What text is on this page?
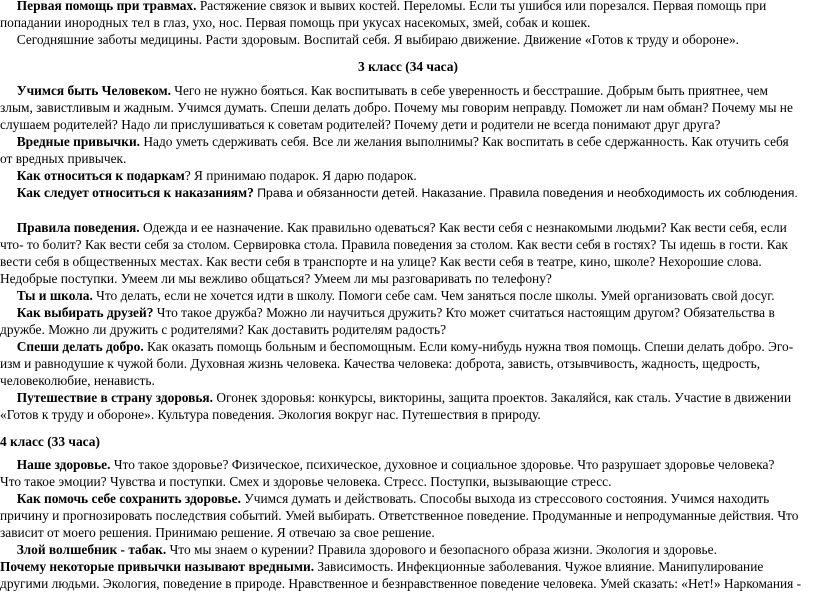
Первая помощь при травмах. Растяжение связок и вывих костей. Переломы. Если ты ушибся или порезался. Первая помощь при
попадании инородных тел в глаз, ухо, нос. Первая помощь при укусах насекомых, змей, собак и кошек.
Сегодняшние заботы медицины. Расти здоровым. Воспитай себя. Я выбираю движение. Движение «Готов к труду и обороне».
3 класс (34 часа)
Учимся быть Человеком. Чего не нужно бояться. Как воспитывать в себе уверенность и бесстрашие. Добрым быть приятнее, чем
злым, завистливым и жадным. Учимся думать. Спеши делать добро. Почему мы говорим неправду. Поможет ли нам обман? Почему мы не
слушаем родителей? Надо ли прислушиваться к советам родителей? Почему дети и родители не всегда понимают друг друга?
Вредные привычки. Надо уметь сдерживать себя. Все ли желания выполнимы? Как воспитать в себе сдержанность. Как отучить себя
от вредных привычек.
Как относиться к подаркам? Я принимаю подарок. Я дарю подарок.
Как следует относиться к наказаниям? Права и обязанности детей. Наказание. Правила поведения и необходимость их соблюдения.
Правила поведения. Одежда и ее назначение. Как правильно одеваться? Как вести себя с незнакомыми людьми? Как вести себя, если
что- то болит? Как вести себя за столом. Сервировка стола. Правила поведения за столом. Как вести себя в гостях? Ты идешь в гости. Как
вести себя в общественных местах. Как вести себя в транспорте и на улице? Как вести себя в театре, кино, школе? Нехорошие слова.
Недобрые поступки. Умеем ли мы вежливо общаться? Умеем ли мы разговаривать по телефону?
Ты и школа. Что делать, если не хочется идти в школу. Помоги себе сам. Чем заняться после школы. Умей организовать свой досуг.
Как выбирать друзей? Что такое дружба? Можно ли научиться дружить? Кто может считаться настоящим другом? Обязательства в
дружбе. Можно ли дружить с родителями? Как доставить родителям радость?
Спеши делать добро. Как оказать помощь больным и беспомощным. Если кому-нибудь нужна твоя помощь. Спеши делать добро. Эго-
изм и равнодушие к чужой боли. Духовная жизнь человека. Качества человека: доброта, зависть, отзывчивость, жадность, щедрость,
человеколюбие, ненависть.
Путешествие в страну здоровья. Огонек здоровья: конкурсы, викторины, защита проектов. Закаляйся, как сталь. Участие в движении
«Готов к труду и обороне». Культура поведения. Экология вокруг нас. Путешествия в природу.
4 класс (33 часа)
Наше здоровье. Что такое здоровье? Физическое, психическое, духовное и социальное здоровье. Что разрушает здоровье человека?
Что такое эмоции? Чувства и поступки. Смех и здоровье человека. Стресс. Поступки, вызывающие стресс.
Как помочь себе сохранить здоровье. Учимся думать и действовать. Способы выхода из стрессового состояния. Учимся находить
причину и прогнозировать последствия событий. Умей выбирать. Ответственное поведение. Продуманные и непродуманные действия. Что
зависит от моего решения. Принимаю решение. Я отвечаю за свое решение.
Злой волшебник - табак. Что мы знаем о курении? Правила здорового и безопасного образа жизни. Экология и здоровье.
Почему некоторые привычки называют вредными. Зависимость. Инфекционные заболевания. Чужое влияние. Манипулирование
другими людьми. Экология, поведение в природе. Нравственное и безнравственное поведение человека. Умей сказать: «Нет!» Наркомания -
